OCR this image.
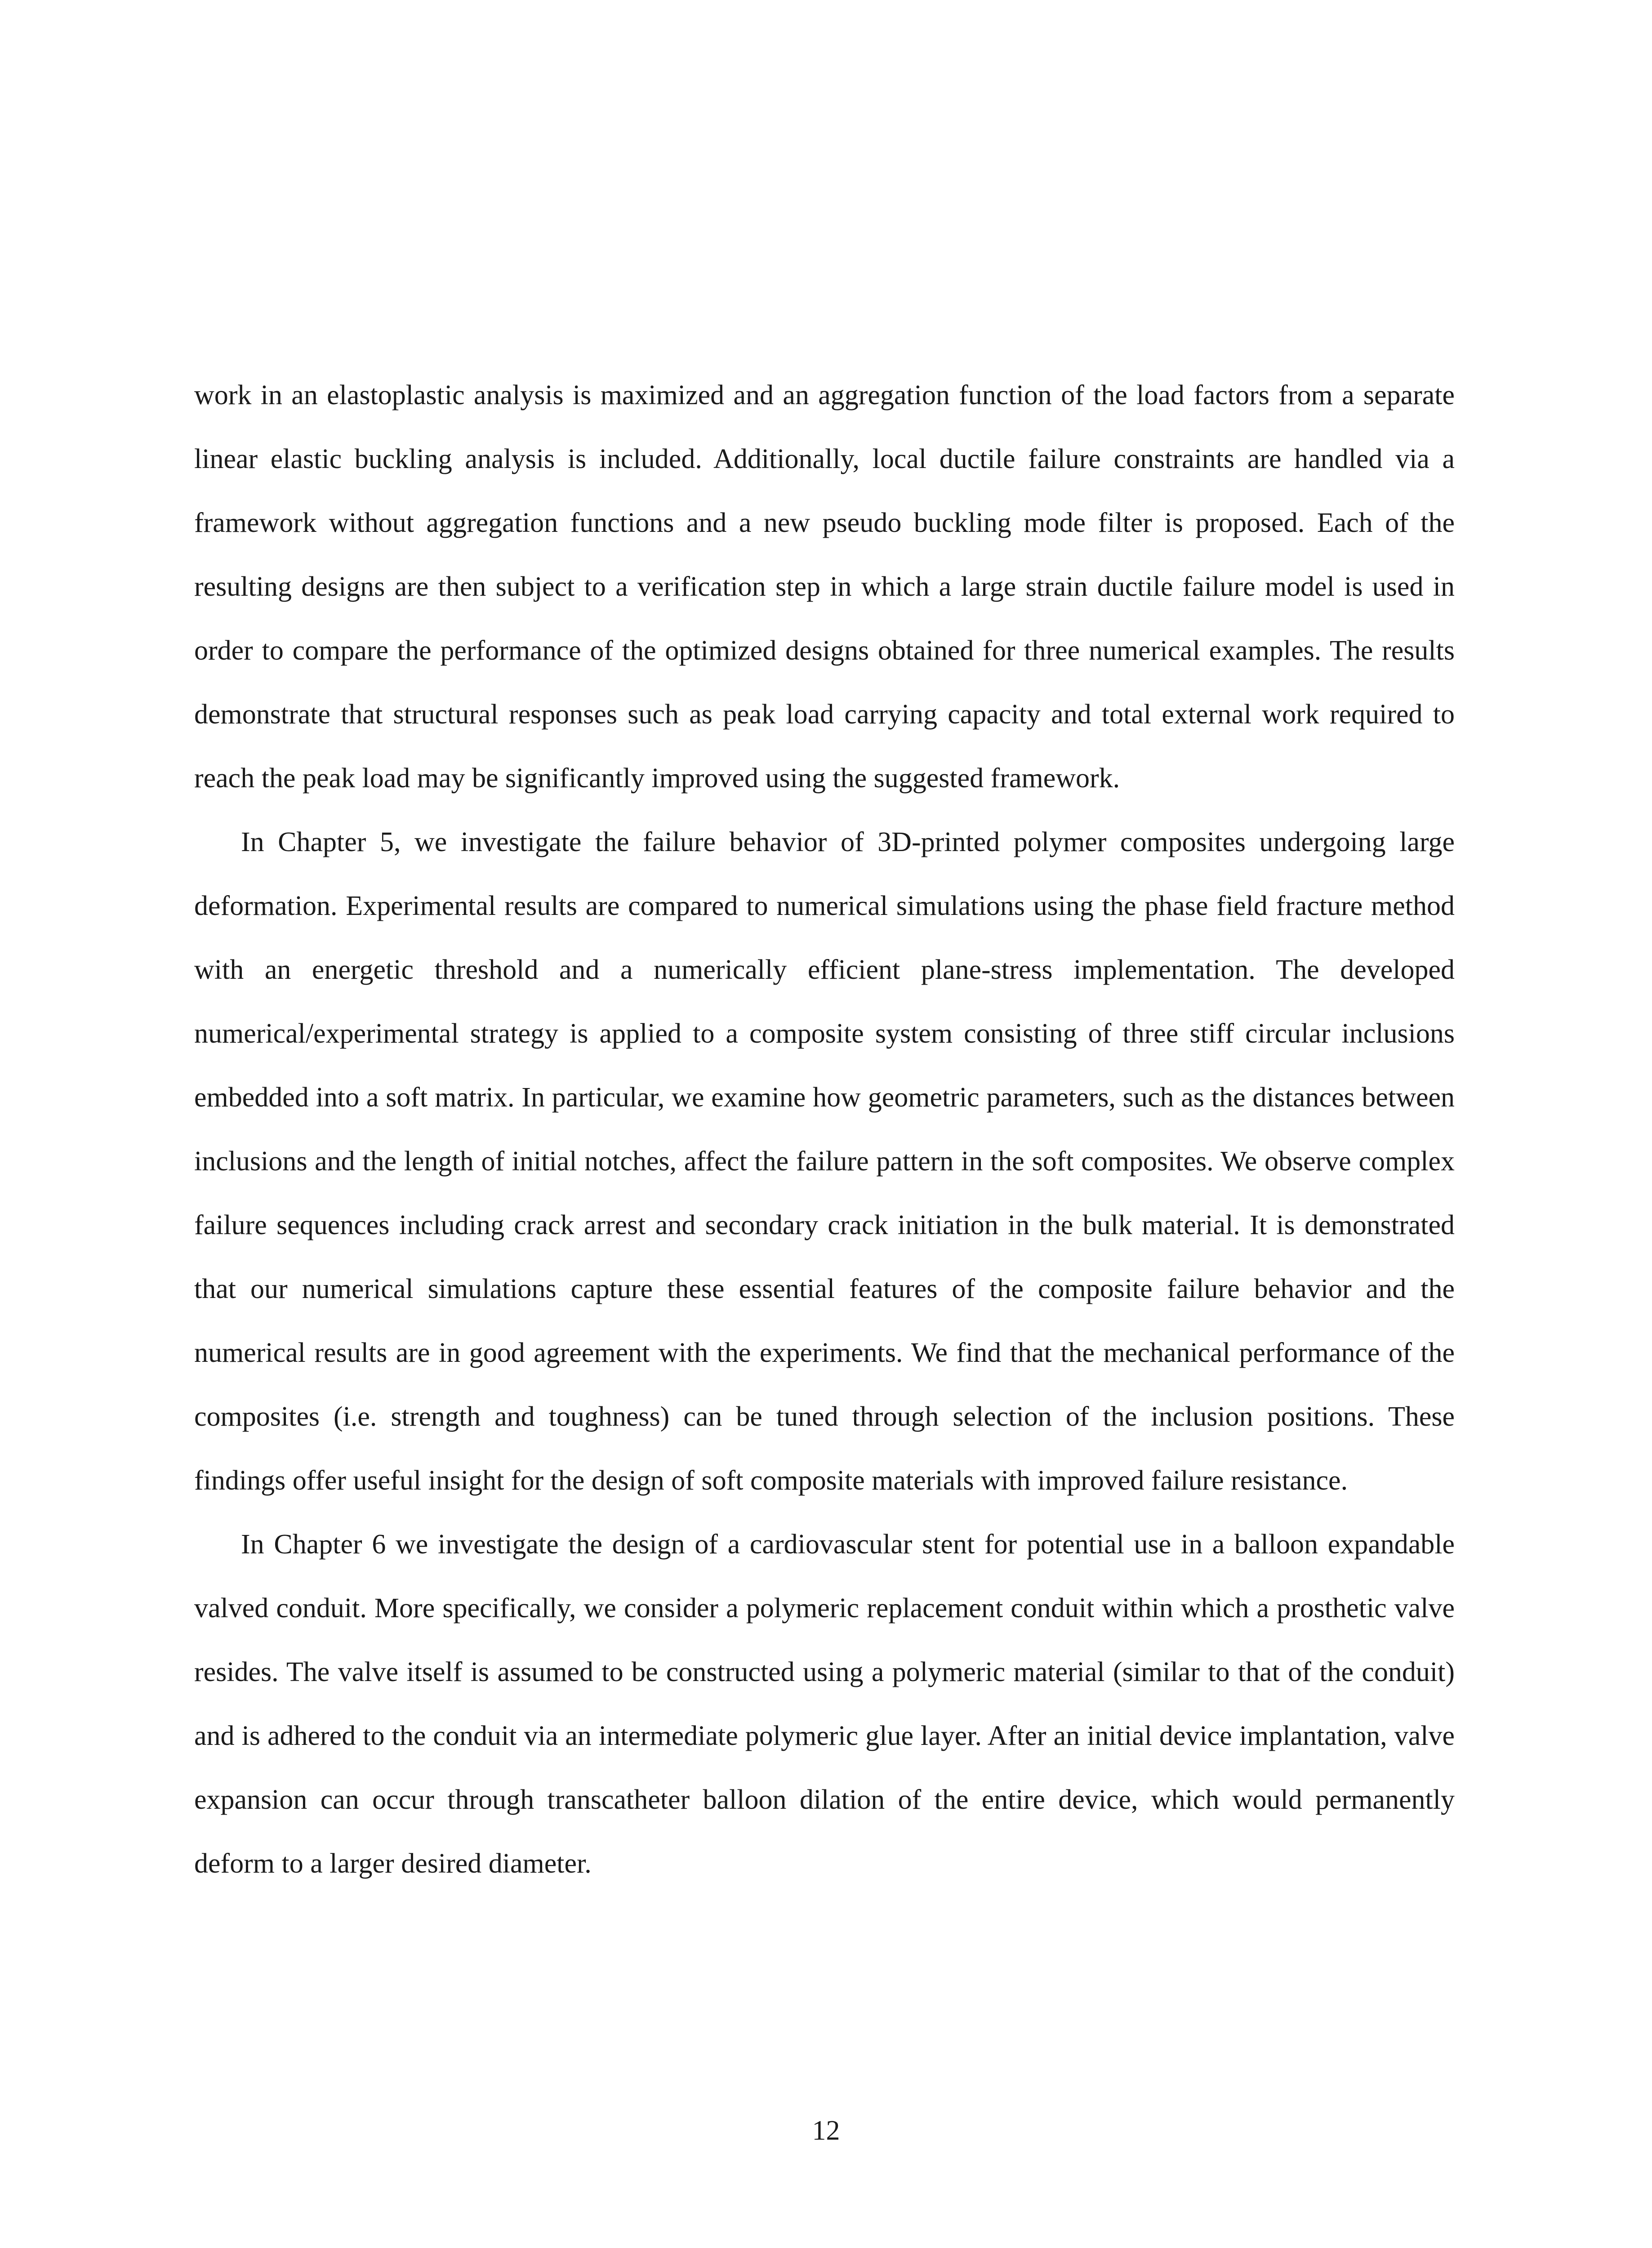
work in an elastoplastic analysis is maximized and an aggregation function of the load factors from a separate linear elastic buckling analysis is included. Additionally, local ductile failure constraints are handled via a framework without aggregation functions and a new pseudo buckling mode filter is proposed. Each of the resulting designs are then subject to a verification step in which a large strain ductile failure model is used in order to compare the performance of the optimized designs obtained for three numerical examples. The results demonstrate that structural responses such as peak load carrying capacity and total external work required to reach the peak load may be significantly improved using the suggested framework.

In Chapter 5, we investigate the failure behavior of 3D-printed polymer composites undergoing large deformation. Experimental results are compared to numerical simulations using the phase field fracture method with an energetic threshold and a numerically efficient plane-stress implementation. The developed numerical/experimental strategy is applied to a composite system consisting of three stiff circular inclusions embedded into a soft matrix. In particular, we examine how geometric parameters, such as the distances between inclusions and the length of initial notches, affect the failure pattern in the soft composites. We observe complex failure sequences including crack arrest and secondary crack initiation in the bulk material. It is demonstrated that our numerical simulations capture these essential features of the composite failure behavior and the numerical results are in good agreement with the experiments. We find that the mechanical performance of the composites (i.e. strength and toughness) can be tuned through selection of the inclusion positions. These findings offer useful insight for the design of soft composite materials with improved failure resistance.

In Chapter 6 we investigate the design of a cardiovascular stent for potential use in a balloon expandable valved conduit. More specifically, we consider a polymeric replacement conduit within which a prosthetic valve resides. The valve itself is assumed to be constructed using a polymeric material (similar to that of the conduit) and is adhered to the conduit via an intermediate polymeric glue layer. After an initial device implantation, valve expansion can occur through transcatheter balloon dilation of the entire device, which would permanently deform to a larger desired diameter.

12
